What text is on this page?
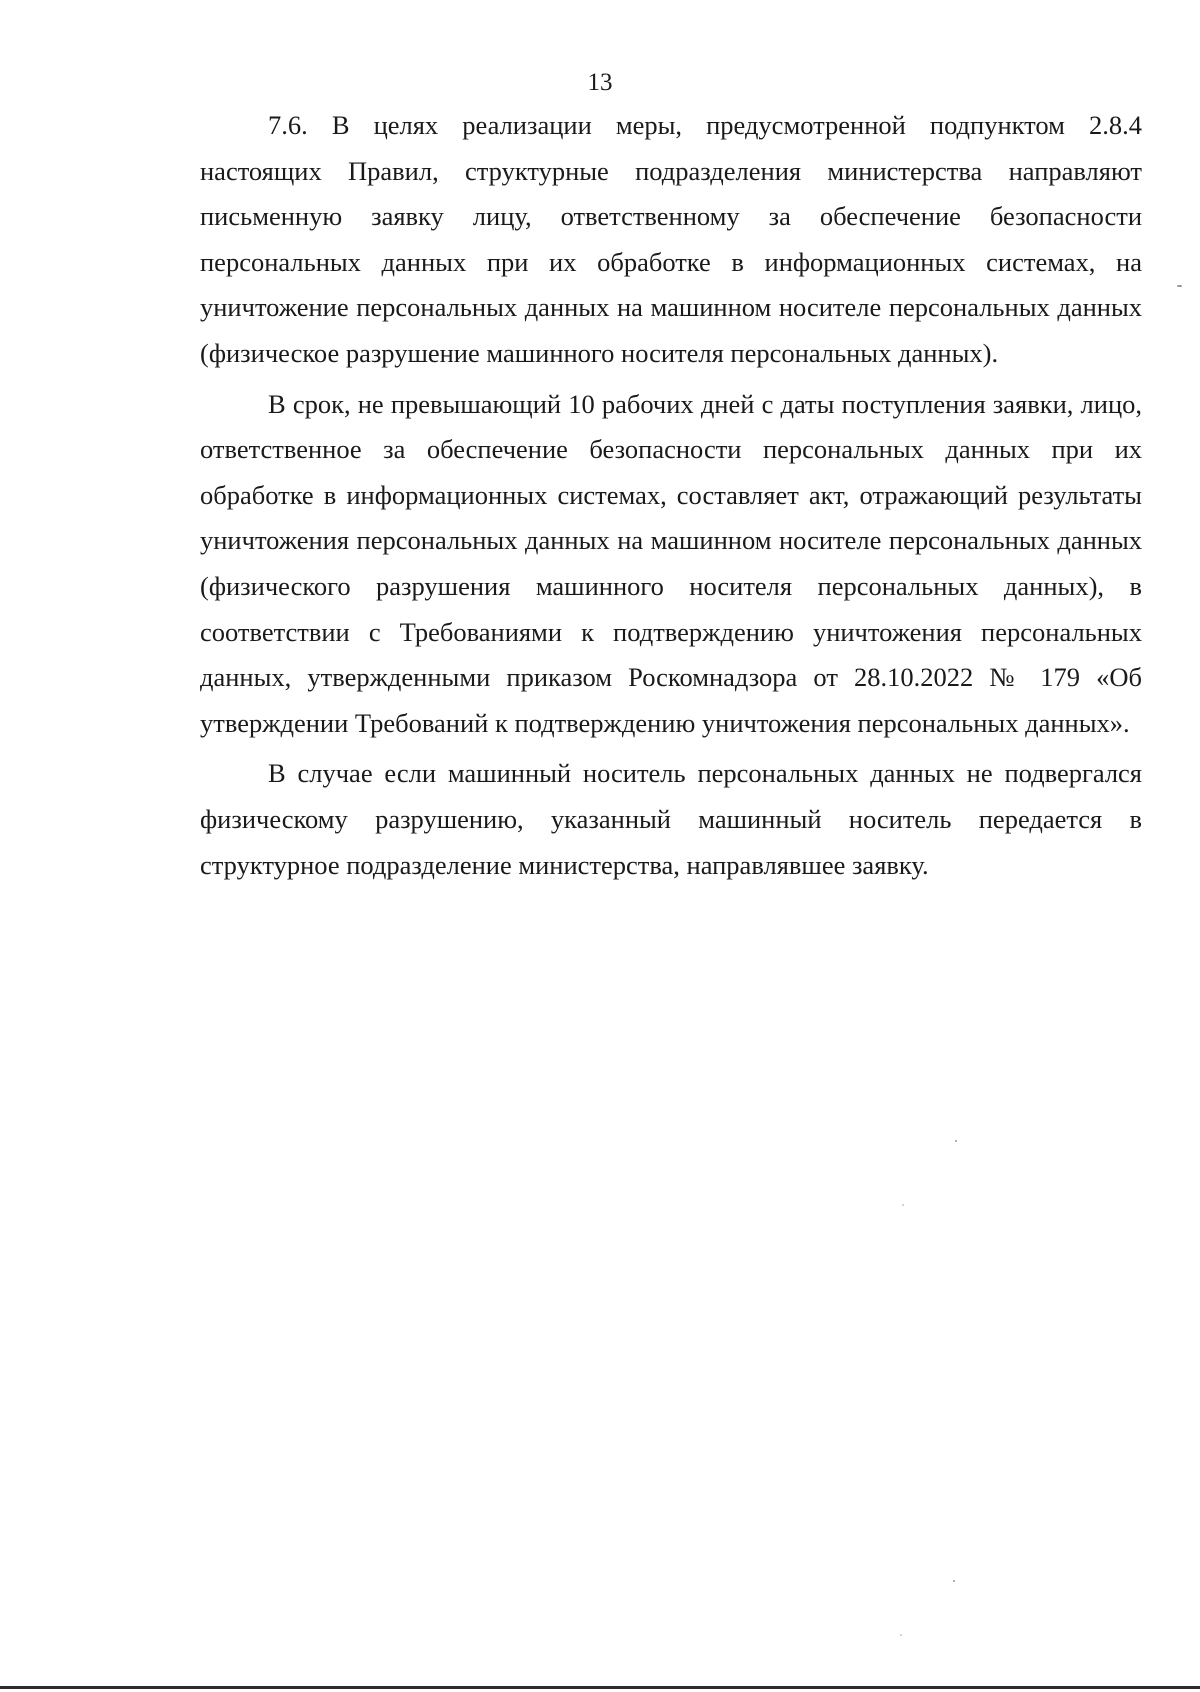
13

7.6. В целях реализации меры, предусмотренной подпунктом 2.8.4 настоящих Правил, структурные подразделения министерства направляют письменную заявку лицу, ответственному за обеспечение безопасности персональных данных при их обработке в информационных системах, на уничтожение персональных данных на машинном носителе персональных данных (физическое разрушение машинного носителя персональных данных).

В срок, не превышающий 10 рабочих дней с даты поступления заявки, лицо, ответственное за обеспечение безопасности персональных данных при их обработке в информационных системах, составляет акт, отражающий результаты уничтожения персональных данных на машинном носителе персональных данных (физического разрушения машинного носителя персональных данных), в соответствии с Требованиями к подтверждению уничтожения персональных данных, утвержденными приказом Роскомнадзора от 28.10.2022 № 179 «Об утверждении Требований к подтверждению уничтожения персональных данных».

В случае если машинный носитель персональных данных не подвергался физическому разрушению, указанный машинный носитель передается в структурное подразделение министерства, направлявшее заявку.
